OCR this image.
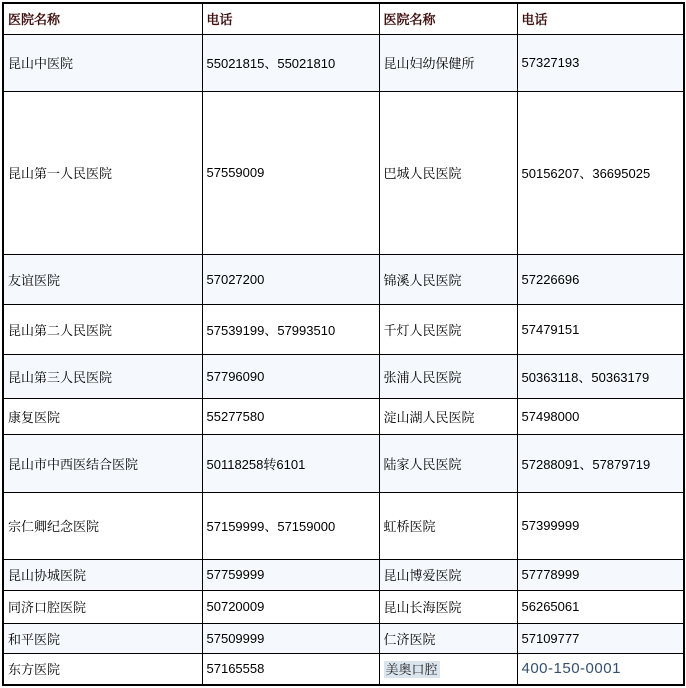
医院名称	电话	医院名称	电话
昆山中医院	55021815、55021810	昆山妇幼保健所	57327193
昆山第一人民医院	57559009	巴城人民医院	50156207、36695025
友谊医院	57027200	锦溪人民医院	57226696
昆山第二人民医院	57539199、57993510	千灯人民医院	57479151
昆山第三人民医院	57796090	张浦人民医院	50363118、50363179
康复医院	55277580	淀山湖人民医院	57498000
昆山市中西医结合医院	50118258转6101	陆家人民医院	57288091、57879719
宗仁卿纪念医院	57159999、57159000	虹桥医院	57399999
昆山协城医院	57759999	昆山博爱医院	57778999
同济口腔医院	50720009	昆山长海医院	56265061
和平医院	57509999	仁济医院	57109777
东方医院	57165558	美奥口腔	400-150-0001
